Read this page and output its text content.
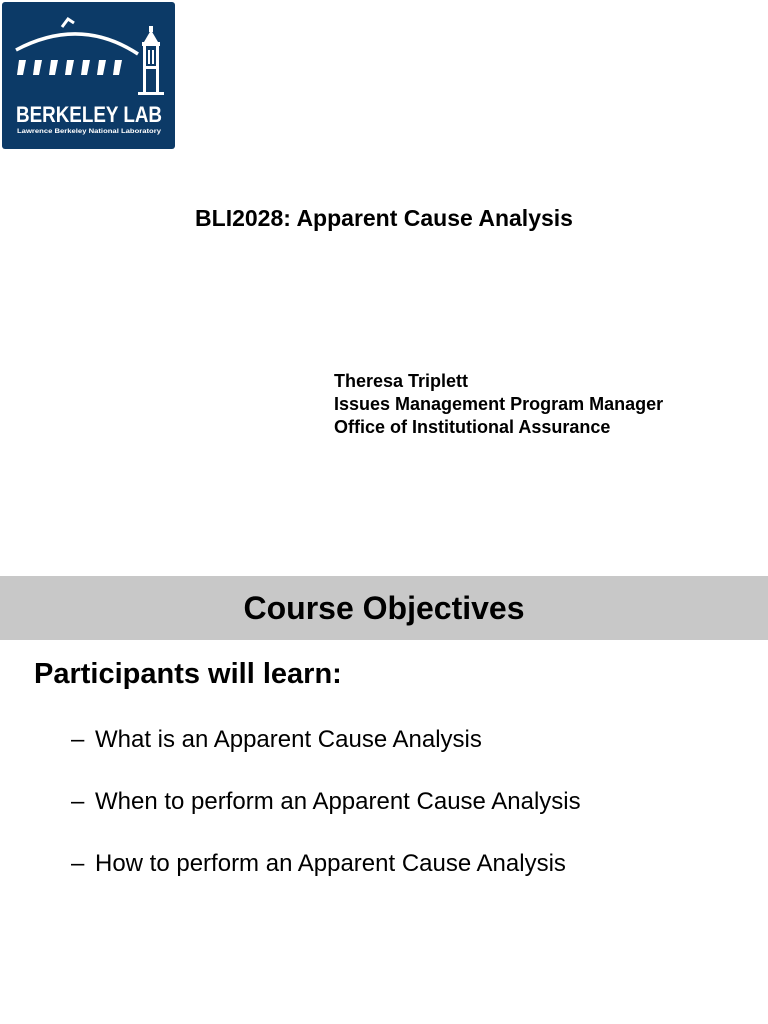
BERKELEY LAB
Lawrence Berkeley National Laboratory
BLI2028: Apparent Cause Analysis
Theresa Triplett
Issues Management Program Manager
Office of Institutional Assurance
Course Objectives
Participants will learn:
– What is an Apparent Cause Analysis
– When to perform an Apparent Cause Analysis
– How to perform an Apparent Cause Analysis
